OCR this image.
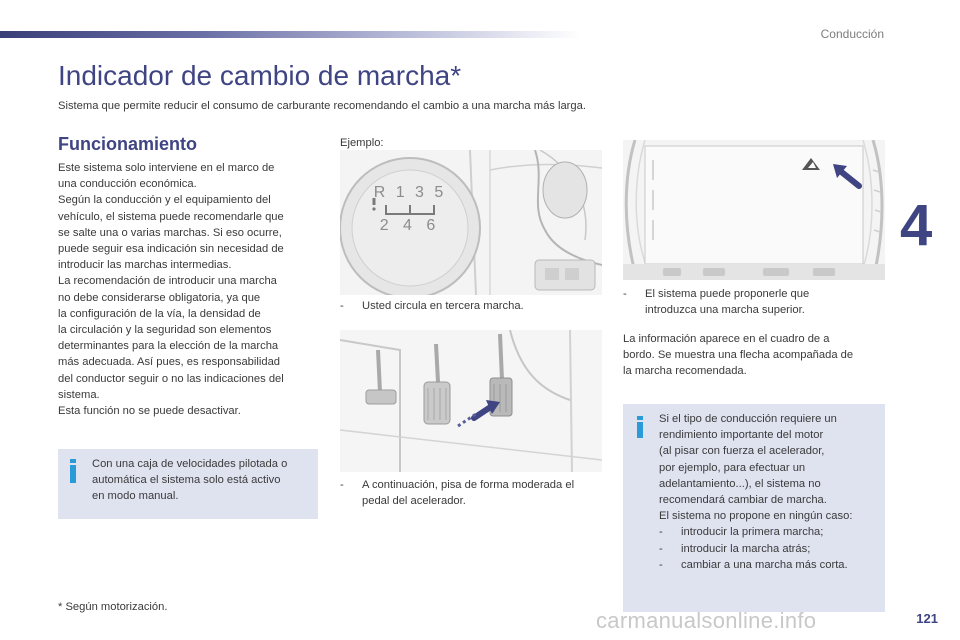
Conducción
4
Indicador de cambio de marcha*
Sistema que permite reducir el consumo de carburante recomendando el cambio a una marcha más larga.
Funcionamiento

Este sistema solo interviene en el marco de

una conducción económica.

Según la conducción y el equipamiento del

vehículo, el sistema puede recomendarle que

se salte una o varias marchas. Si eso ocurre,

puede seguir esa indicación sin necesidad de

introducir las marchas intermedias.

La recomendación de introducir una marcha

no debe considerarse obligatoria, ya que

la configuración de la vía, la densidad de

la circulación y la seguridad son elementos

determinantes para la elección de la marcha

más adecuada. Así pues, es responsabilidad

del conductor seguir o no las indicaciones del

sistema.

Esta función no se puede desactivar.

Con una caja de velocidades pilotada o

automática el sistema solo está activo

en modo manual.

Ejemplo:
R 1 3 5
2 4 6

- Usted circula en tercera marcha.

- A continuación, pisa de forma moderada el

pedal del acelerador.

- El sistema puede proponerle que

introduzca una marcha superior.

La información aparece en el cuadro de a

bordo. Se muestra una flecha acompañada de

la marcha recomendada.

Si el tipo de conducción requiere un

rendimiento importante del motor

(al pisar con fuerza el acelerador,

por ejemplo, para efectuar un

adelantamiento...), el sistema no

recomendará cambiar de marcha.

El sistema no propone en ningún caso:

- introducir la primera marcha;

- introducir la marcha atrás;

- cambiar a una marcha más corta.

* Según motorización.
carmanualsonline.info	121
